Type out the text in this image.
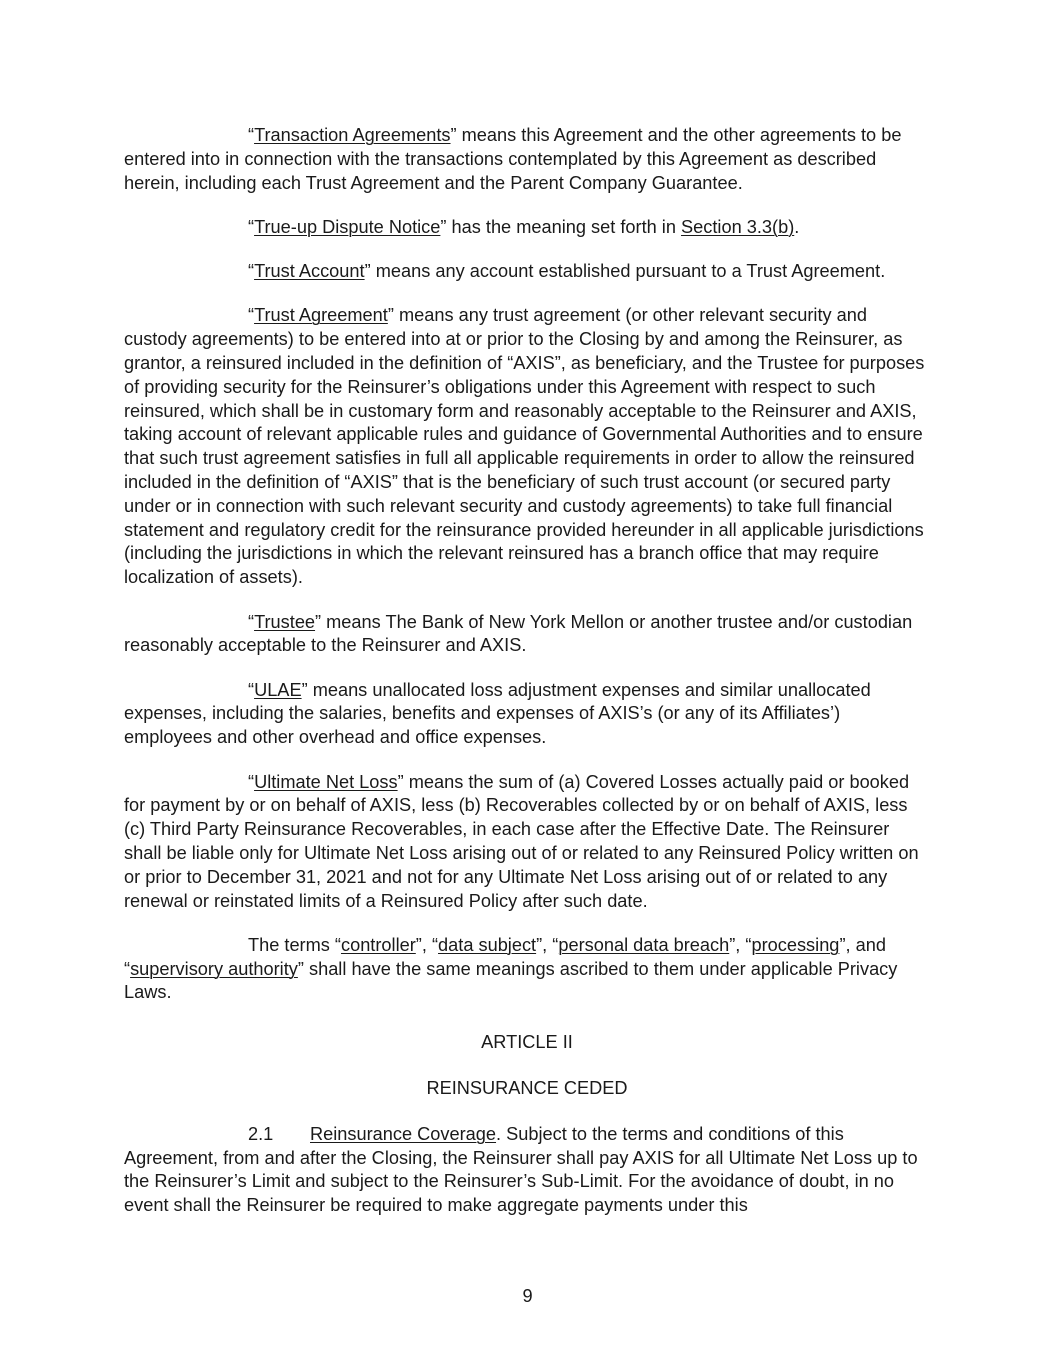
“Transaction Agreements” means this Agreement and the other agreements to be entered into in connection with the transactions contemplated by this Agreement as described herein, including each Trust Agreement and the Parent Company Guarantee.

“True-up Dispute Notice” has the meaning set forth in Section 3.3(b).

“Trust Account” means any account established pursuant to a Trust Agreement.

“Trust Agreement” means any trust agreement (or other relevant security and custody agreements) to be entered into at or prior to the Closing by and among the Reinsurer, as grantor, a reinsured included in the definition of “AXIS”, as beneficiary, and the Trustee for purposes of providing security for the Reinsurer’s obligations under this Agreement with respect to such reinsured, which shall be in customary form and reasonably acceptable to the Reinsurer and AXIS, taking account of relevant applicable rules and guidance of Governmental Authorities and to ensure that such trust agreement satisfies in full all applicable requirements in order to allow the reinsured included in the definition of “AXIS” that is the beneficiary of such trust account (or secured party under or in connection with such relevant security and custody agreements) to take full financial statement and regulatory credit for the reinsurance provided hereunder in all applicable jurisdictions (including the jurisdictions in which the relevant reinsured has a branch office that may require localization of assets).

“Trustee” means The Bank of New York Mellon or another trustee and/or custodian reasonably acceptable to the Reinsurer and AXIS.

“ULAE” means unallocated loss adjustment expenses and similar unallocated expenses, including the salaries, benefits and expenses of AXIS’s (or any of its Affiliates’) employees and other overhead and office expenses.

“Ultimate Net Loss” means the sum of (a) Covered Losses actually paid or booked for payment by or on behalf of AXIS, less (b) Recoverables collected by or on behalf of AXIS, less (c) Third Party Reinsurance Recoverables, in each case after the Effective Date. The Reinsurer shall be liable only for Ultimate Net Loss arising out of or related to any Reinsured Policy written on or prior to December 31, 2021 and not for any Ultimate Net Loss arising out of or related to any renewal or reinstated limits of a Reinsured Policy after such date.

The terms “controller”, “data subject”, “personal data breach”, “processing”, and “supervisory authority” shall have the same meanings ascribed to them under applicable Privacy Laws.

ARTICLE II

REINSURANCE CEDED

2.1 Reinsurance Coverage. Subject to the terms and conditions of this Agreement, from and after the Closing, the Reinsurer shall pay AXIS for all Ultimate Net Loss up to the Reinsurer’s Limit and subject to the Reinsurer’s Sub-Limit. For the avoidance of doubt, in no event shall the Reinsurer be required to make aggregate payments under this

9
